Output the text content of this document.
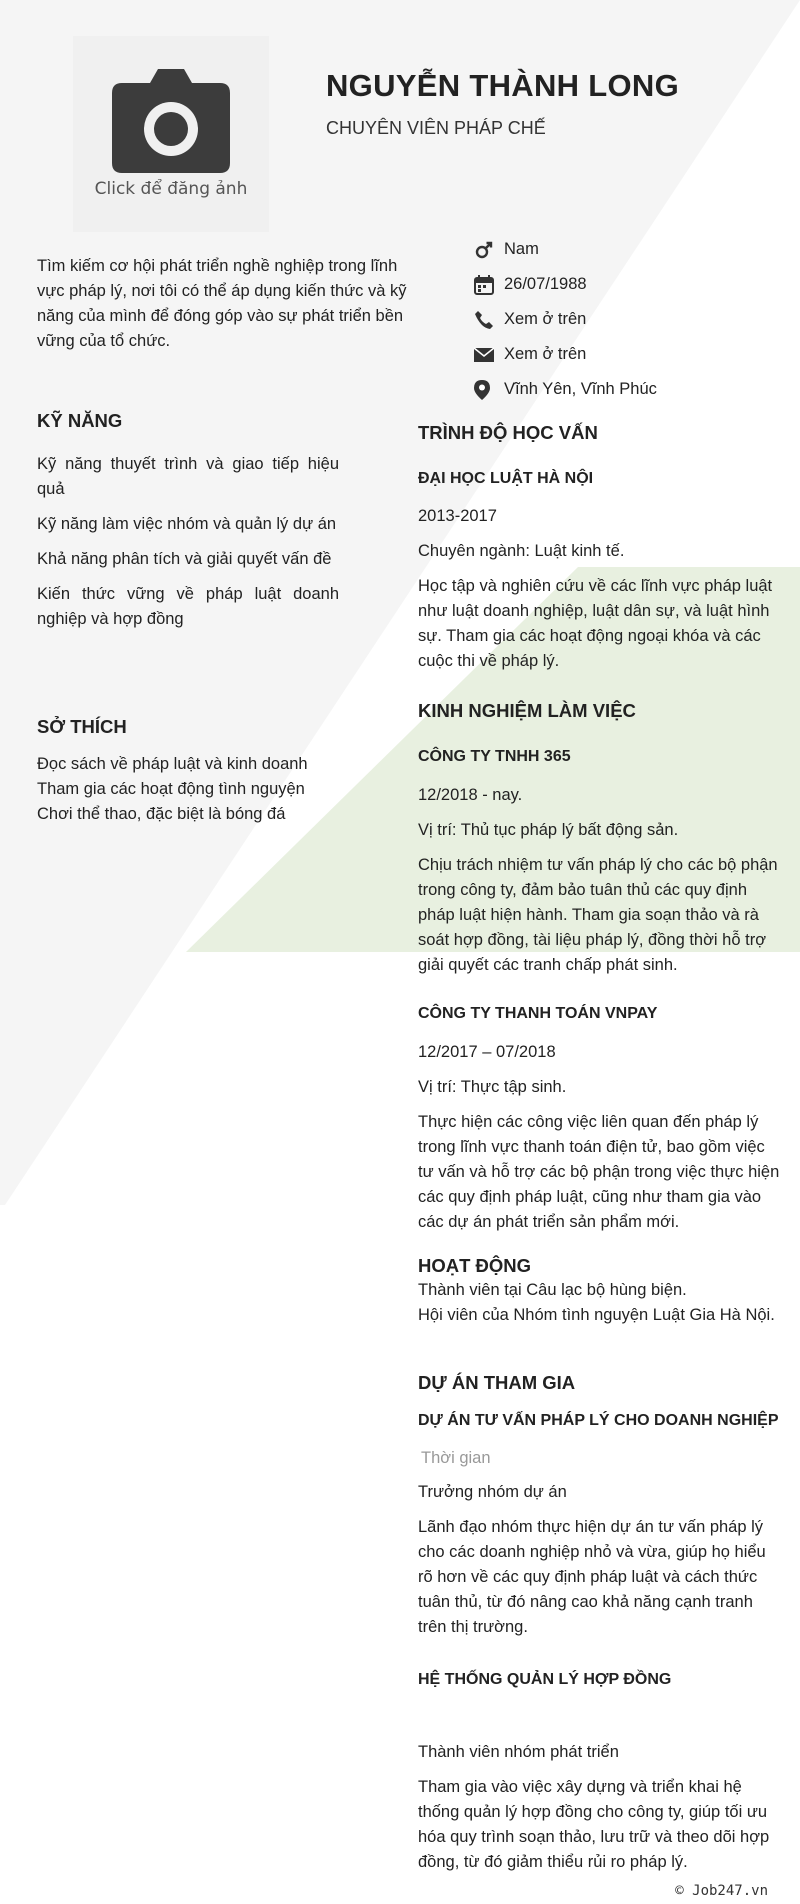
Click để đăng ảnh
NGUYỄN THÀNH LONG
CHUYÊN VIÊN PHÁP CHẾ
Tìm kiếm cơ hội phát triển nghề nghiệp trong lĩnh vực pháp lý, nơi tôi có thể áp dụng kiến thức và kỹ năng của mình để đóng góp vào sự phát triển bền vững của tổ chức.
Nam
26/07/1988
Xem ở trên
Xem ở trên
Vĩnh Yên, Vĩnh Phúc
KỸ NĂNG
Kỹ năng thuyết trình và giao tiếp hiệu quả
Kỹ năng làm việc nhóm và quản lý dự án
Khả năng phân tích và giải quyết vấn đề
Kiến thức vững về pháp luật doanh nghiệp và hợp đồng
SỞ THÍCH
Đọc sách về pháp luật và kinh doanh
Tham gia các hoạt động tình nguyện
Chơi thể thao, đặc biệt là bóng đá
TRÌNH ĐỘ HỌC VẤN
ĐẠI HỌC LUẬT HÀ NỘI
2013-2017
Chuyên ngành: Luật kinh tế.
Học tập và nghiên cứu về các lĩnh vực pháp luật như luật doanh nghiệp, luật dân sự, và luật hình sự. Tham gia các hoạt động ngoại khóa và các cuộc thi về pháp lý.
KINH NGHIỆM LÀM VIỆC
CÔNG TY TNHH 365
12/2018 - nay.
Vị trí: Thủ tục pháp lý bất động sản.
Chịu trách nhiệm tư vấn pháp lý cho các bộ phận trong công ty, đảm bảo tuân thủ các quy định pháp luật hiện hành. Tham gia soạn thảo và rà soát hợp đồng, tài liệu pháp lý, đồng thời hỗ trợ giải quyết các tranh chấp phát sinh.
CÔNG TY THANH TOÁN VNPAY
12/2017 – 07/2018
Vị trí: Thực tập sinh.
Thực hiện các công việc liên quan đến pháp lý trong lĩnh vực thanh toán điện tử, bao gồm việc tư vấn và hỗ trợ các bộ phận trong việc thực hiện các quy định pháp luật, cũng như tham gia vào các dự án phát triển sản phẩm mới.
HOẠT ĐỘNG
Thành viên tại Câu lạc bộ hùng biện.
Hội viên của Nhóm tình nguyện Luật Gia Hà Nội.
DỰ ÁN THAM GIA
DỰ ÁN TƯ VẤN PHÁP LÝ CHO DOANH NGHIỆP
Thời gian
Trưởng nhóm dự án
Lãnh đạo nhóm thực hiện dự án tư vấn pháp lý cho các doanh nghiệp nhỏ và vừa, giúp họ hiểu rõ hơn về các quy định pháp luật và cách thức tuân thủ, từ đó nâng cao khả năng cạnh tranh trên thị trường.
HỆ THỐNG QUẢN LÝ HỢP ĐỒNG
Thành viên nhóm phát triển
Tham gia vào việc xây dựng và triển khai hệ thống quản lý hợp đồng cho công ty, giúp tối ưu hóa quy trình soạn thảo, lưu trữ và theo dõi hợp đồng, từ đó giảm thiểu rủi ro pháp lý.
© Job247.vn
